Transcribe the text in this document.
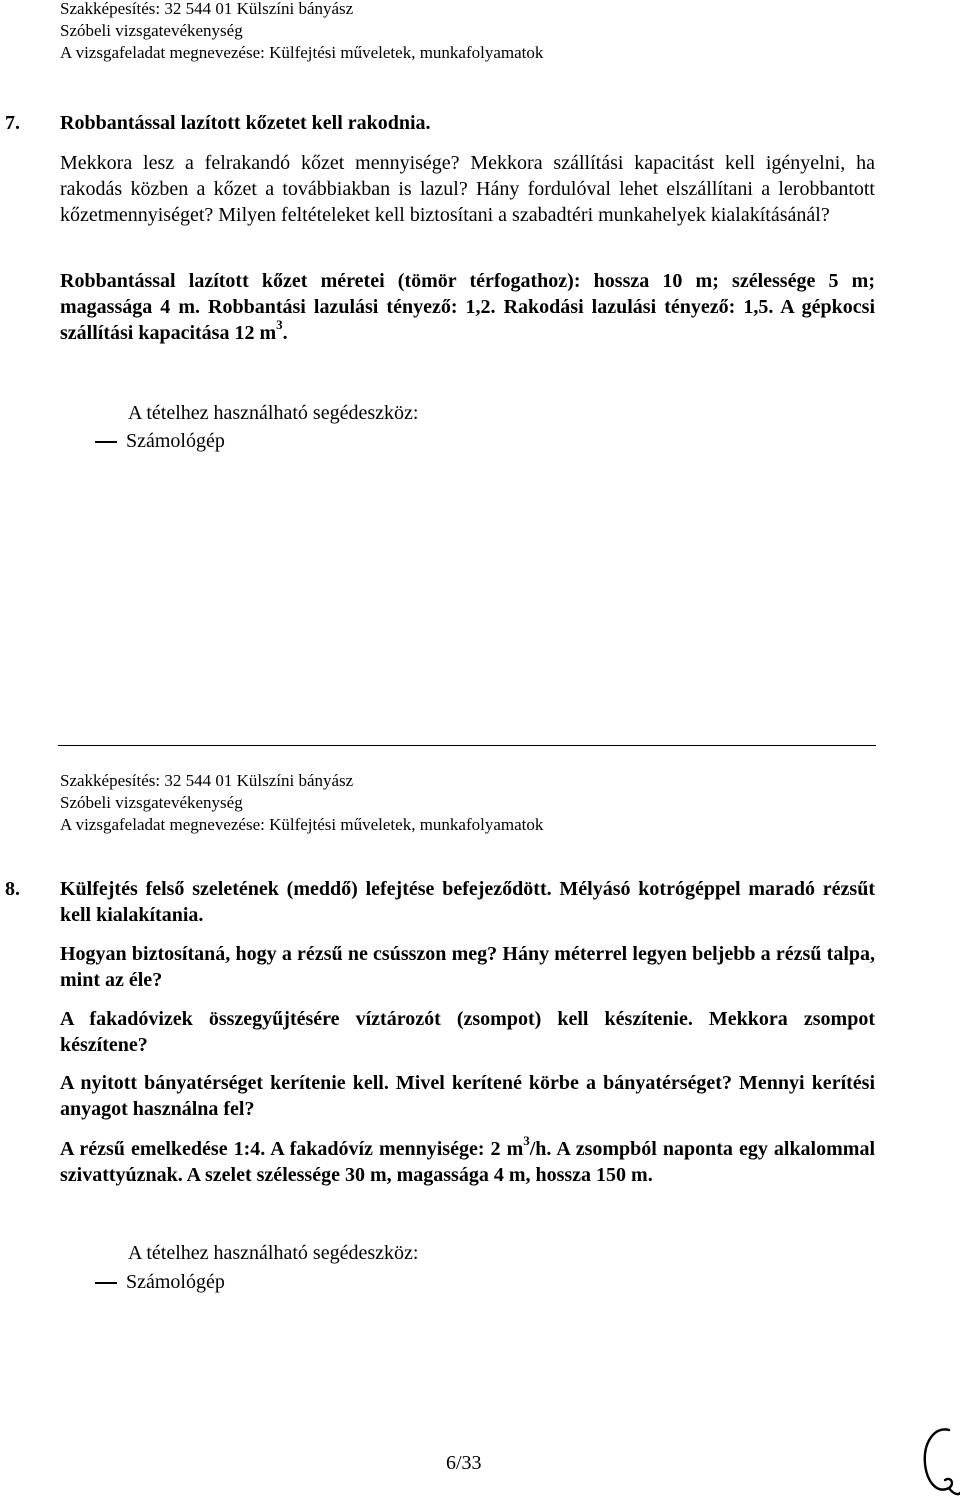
Szakképesítés: 32 544 01 Külszíni bányász
Szóbeli vizsgatevékenység
A vizsgafeladat megnevezése: Külfejtési műveletek, munkafolyamatok
7. Robbantással lazított kőzetet kell rakodnia.
Mekkora lesz a felrakandó kőzet mennyisége? Mekkora szállítási kapacitást kell igényelni, ha rakodás közben a kőzet a továbbiakban is lazul? Hány fordulóval lehet elszállítani a lerobbantott kőzetmennyiséget? Milyen feltételeket kell biztosítani a szabadtéri munkahelyek kialakításánál?
Robbantással lazított kőzet méretei (tömör térfogathoz): hossza 10 m; szélessége 5 m; magassága 4 m. Robbantási lazulási tényező: 1,2. Rakodási lazulási tényező: 1,5. A gépkocsi szállítási kapacitása 12 $m^3$.
A tételhez használható segédeszköz:
Számológép
Szakképesítés: 32 544 01 Külszíni bányász
Szóbeli vizsgatevékenység
A vizsgafeladat megnevezése: Külfejtési műveletek, munkafolyamatok
8. Külfejtés felső szeletének (meddő) lefejtése befejeződött. Mélyásó kotrógéppel maradó rézsűt kell kialakítania.
Hogyan biztosítaná, hogy a rézsű ne csússzon meg? Hány méterrel legyen beljebb a rézsű talpa, mint az éle?
A fakadóvizek összegyűjtésére víztározót (zsompot) kell készítenie. Mekkora zsompot készítene?
A nyitott bányatérséget kerítenie kell. Mivel kerítené körbe a bányatérséget? Mennyi kerítési anyagot használna fel?
A rézsű emelkedése 1:4. A fakadóvíz mennyisége: 2 $m^3/h$. A zsompból naponta egy alkalommal szivattyúznak. A szelet szélessége 30 m, magassága 4 m, hossza 150 m.
A tételhez használható segédeszköz:
Számológép
6/33
